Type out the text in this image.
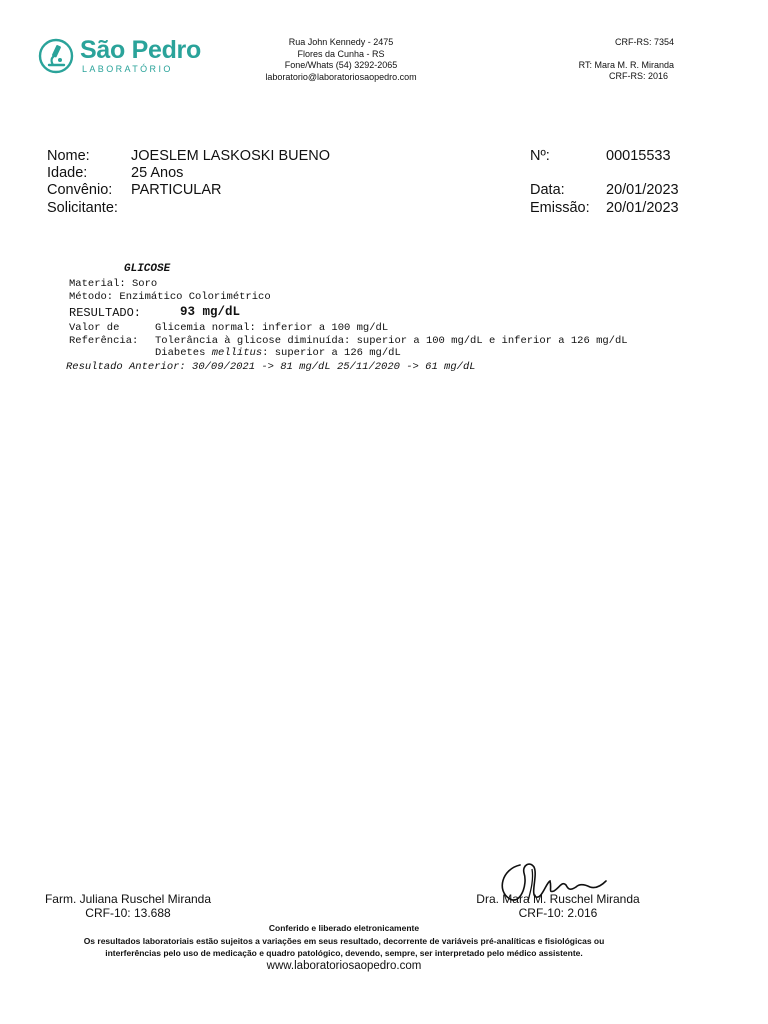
São Pedro
LABORATÓRIO
Rua John Kennedy - 2475
Flores da Cunha - RS
Fone/Whats (54) 3292-2065
laboratorio@laboratoriosaopedro.com
CRF-RS: 7354
RT: Mara M. R. Miranda
CRF-RS: 2016
Nome:	JOESLEM LASKOSKI BUENO
Idade:	25 Anos
Convênio: PARTICULAR
Solicitante:
Nº:	00015533
Data:	20/01/2023
Emissão: 20/01/2023
GLICOSE
Material: Soro
Método: Enzimático Colorimétrico
RESULTADO:	93 mg/dL
Valor de
Referência:
Glicemia normal: inferior a 100 mg/dL
Tolerância à glicose diminuída: superior a 100 mg/dL e inferior a 126 mg/dL
Diabetes mellitus: superior a 126 mg/dL
Resultado Anterior: 30/09/2021 -> 81 mg/dL 25/11/2020 -> 61 mg/dL
Farm. Juliana Ruschel Miranda
CRF-10: 13.688
Dra. Mara M. Ruschel Miranda
CRF-10: 2.016
Conferido e liberado eletronicamente
Os resultados laboratoriais estão sujeitos a variações em seus resultado, decorrente de variáveis pré-analíticas e fisiológicas ou
interferências pelo uso de medicação e quadro patológico, devendo, sempre, ser interpretado pelo médico assistente.
www.laboratoriosaopedro.com
